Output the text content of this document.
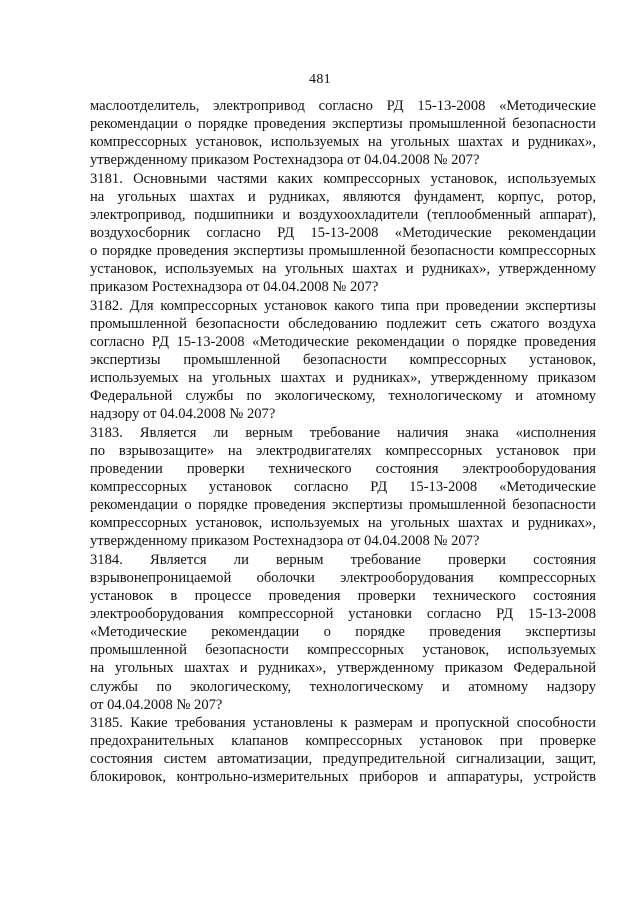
481
маслоотделитель, электропривод согласно РД 15-13-2008 «Методические
рекомендации о порядке проведения экспертизы промышленной безопасности
компрессорных установок, используемых на угольных шахтах и рудниках»,
утвержденному приказом Ростехнадзора от 04.04.2008 № 207?
3181. Основными частями каких компрессорных установок, используемых
на угольных шахтах и рудниках, являются фундамент, корпус, ротор,
электропривод, подшипники и воздухоохладители (теплообменный аппарат),
воздухосборник согласно РД 15-13-2008 «Методические рекомендации
о порядке проведения экспертизы промышленной безопасности компрессорных
установок, используемых на угольных шахтах и рудниках», утвержденному
приказом Ростехнадзора от 04.04.2008 № 207?
3182. Для компрессорных установок какого типа при проведении экспертизы
промышленной безопасности обследованию подлежит сеть сжатого воздуха
согласно РД 15-13-2008 «Методические рекомендации о порядке проведения
экспертизы промышленной безопасности компрессорных установок,
используемых на угольных шахтах и рудниках», утвержденному приказом
Федеральной службы по экологическому, технологическому и атомному
надзору от 04.04.2008 № 207?
3183. Является ли верным требование наличия знака «исполнения
по взрывозащите» на электродвигателях компрессорных установок при
проведении проверки технического состояния электрооборудования
компрессорных установок согласно РД 15-13-2008 «Методические
рекомендации о порядке проведения экспертизы промышленной безопасности
компрессорных установок, используемых на угольных шахтах и рудниках»,
утвержденному приказом Ростехнадзора от 04.04.2008 № 207?
3184. Является ли верным требование проверки состояния
взрывонепроницаемой оболочки электрооборудования компрессорных
установок в процессе проведения проверки технического состояния
электрооборудования компрессорной установки согласно РД 15-13-2008
«Методические рекомендации о порядке проведения экспертизы
промышленной безопасности компрессорных установок, используемых
на угольных шахтах и рудниках», утвержденному приказом Федеральной
службы по экологическому, технологическому и атомному надзору
от 04.04.2008 № 207?
3185. Какие требования установлены к размерам и пропускной способности
предохранительных клапанов компрессорных установок при проверке
состояния систем автоматизации, предупредительной сигнализации, защит,
блокировок, контрольно-измерительных приборов и аппаратуры, устройств
